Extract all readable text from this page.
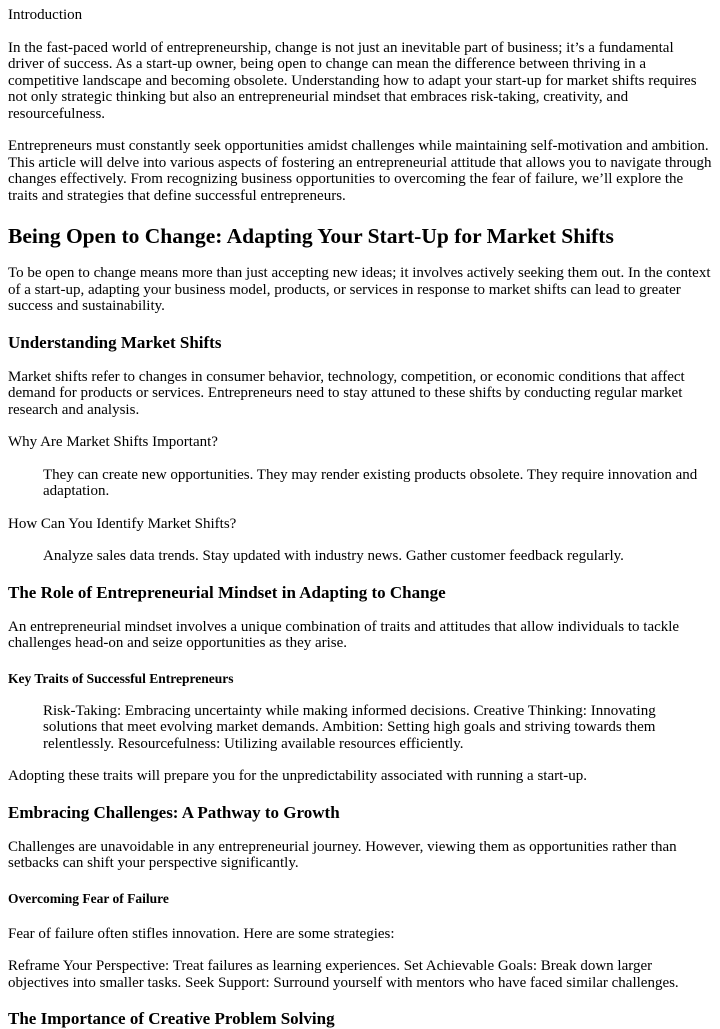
Introduction

In the fast-paced world of entrepreneurship, change is not just an inevitable part of business; it’s a fundamental driver of success. As a start-up owner, being open to change can mean the difference between thriving in a competitive landscape and becoming obsolete. Understanding how to adapt your start-up for market shifts requires not only strategic thinking but also an entrepreneurial mindset that embraces risk-taking, creativity, and resourcefulness.

Entrepreneurs must constantly seek opportunities amidst challenges while maintaining self-motivation and ambition. This article will delve into various aspects of fostering an entrepreneurial attitude that allows you to navigate through changes effectively. From recognizing business opportunities to overcoming the fear of failure, we’ll explore the traits and strategies that define successful entrepreneurs.

Being Open to Change: Adapting Your Start-Up for Market Shifts

To be open to change means more than just accepting new ideas; it involves actively seeking them out. In the context of a start-up, adapting your business model, products, or services in response to market shifts can lead to greater success and sustainability.

Understanding Market Shifts

Market shifts refer to changes in consumer behavior, technology, competition, or economic conditions that affect demand for products or services. Entrepreneurs need to stay attuned to these shifts by conducting regular market research and analysis.

Why Are Market Shifts Important?

They can create new opportunities. They may render existing products obsolete. They require innovation and adaptation.

How Can You Identify Market Shifts?

Analyze sales data trends. Stay updated with industry news. Gather customer feedback regularly.

The Role of Entrepreneurial Mindset in Adapting to Change

An entrepreneurial mindset involves a unique combination of traits and attitudes that allow individuals to tackle challenges head-on and seize opportunities as they arise.

Key Traits of Successful Entrepreneurs

Risk-Taking: Embracing uncertainty while making informed decisions. Creative Thinking: Innovating solutions that meet evolving market demands. Ambition: Setting high goals and striving towards them relentlessly. Resourcefulness: Utilizing available resources efficiently.

Adopting these traits will prepare you for the unpredictability associated with running a start-up.

Embracing Challenges: A Pathway to Growth

Challenges are unavoidable in any entrepreneurial journey. However, viewing them as opportunities rather than setbacks can shift your perspective significantly.

Overcoming Fear of Failure

Fear of failure often stifles innovation. Here are some strategies:

Reframe Your Perspective: Treat failures as learning experiences. Set Achievable Goals: Break down larger objectives into smaller tasks. Seek Support: Surround yourself with mentors who have faced similar challenges.

The Importance of Creative Problem Solving
